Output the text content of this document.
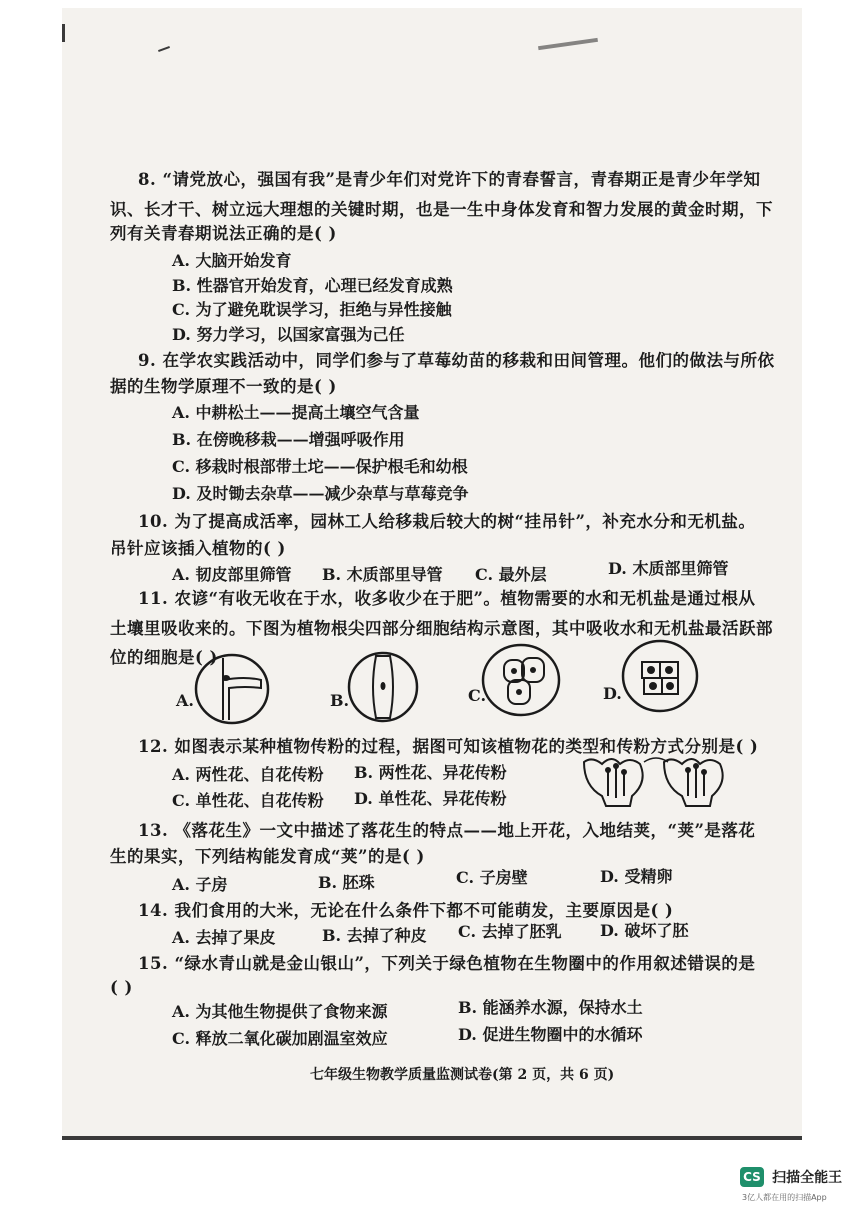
8. “请党放心，强国有我”是青少年们对党许下的青春誓言，青春期正是青少年学知
识、长才干、树立远大理想的关键时期，也是一生中身体发育和智力发展的黄金时期，下
列有关青春期说法正确的是( )
A. 大脑开始发育
B. 性器官开始发育，心理已经发育成熟
C. 为了避免耽误学习，拒绝与异性接触
D. 努力学习，以国家富强为己任
9. 在学农实践活动中，同学们参与了草莓幼苗的移栽和田间管理。他们的做法与所依
据的生物学原理不一致的是( )
A. 中耕松土——提高土壤空气含量
B. 在傍晚移栽——增强呼吸作用
C. 移栽时根部带土坨——保护根毛和幼根
D. 及时锄去杂草——减少杂草与草莓竞争
10. 为了提高成活率，园林工人给移栽后较大的树“挂吊针”，补充水分和无机盐。
吊针应该插入植物的( )
A. 韧皮部里筛管 B. 木质部里导管 C. 最外层	D. 木质部里筛管
11. 农谚“有收无收在于水，收多收少在于肥”。植物需要的水和无机盐是通过根从
土壤里吸收来的。下图为植物根尖四部分细胞结构示意图，其中吸收水和无机盐最活跃部
位的细胞是( )
A.	B.	C.	D.
12. 如图表示某种植物传粉的过程，据图可知该植物花的类型和传粉方式分别是( )
A. 两性花、自花传粉 B. 两性花、异花传粉
C. 单性花、自花传粉 D. 单性花、异花传粉
13. 《落花生》一文中描述了落花生的特点——地上开花，入地结荚，“荚”是落花
生的果实，下列结构能发育成“荚”的是( )
A. 子房	B. 胚珠	C. 子房壁	D. 受精卵
14. 我们食用的大米，无论在什么条件下都不可能萌发，主要原因是( )
A. 去掉了果皮	B. 去掉了种皮 C. 去掉了胚乳 D. 破坏了胚
15. “绿水青山就是金山银山”，下列关于绿色植物在生物圈中的作用叙述错误的是
( )
A. 为其他生物提供了食物来源	B. 能涵养水源，保持水土
C. 释放二氧化碳加剧温室效应	D. 促进生物圈中的水循环
七年级生物教学质量监测试卷(第 2 页，共 6 页)
CS 扫描全能王
3亿人都在用的扫描App
